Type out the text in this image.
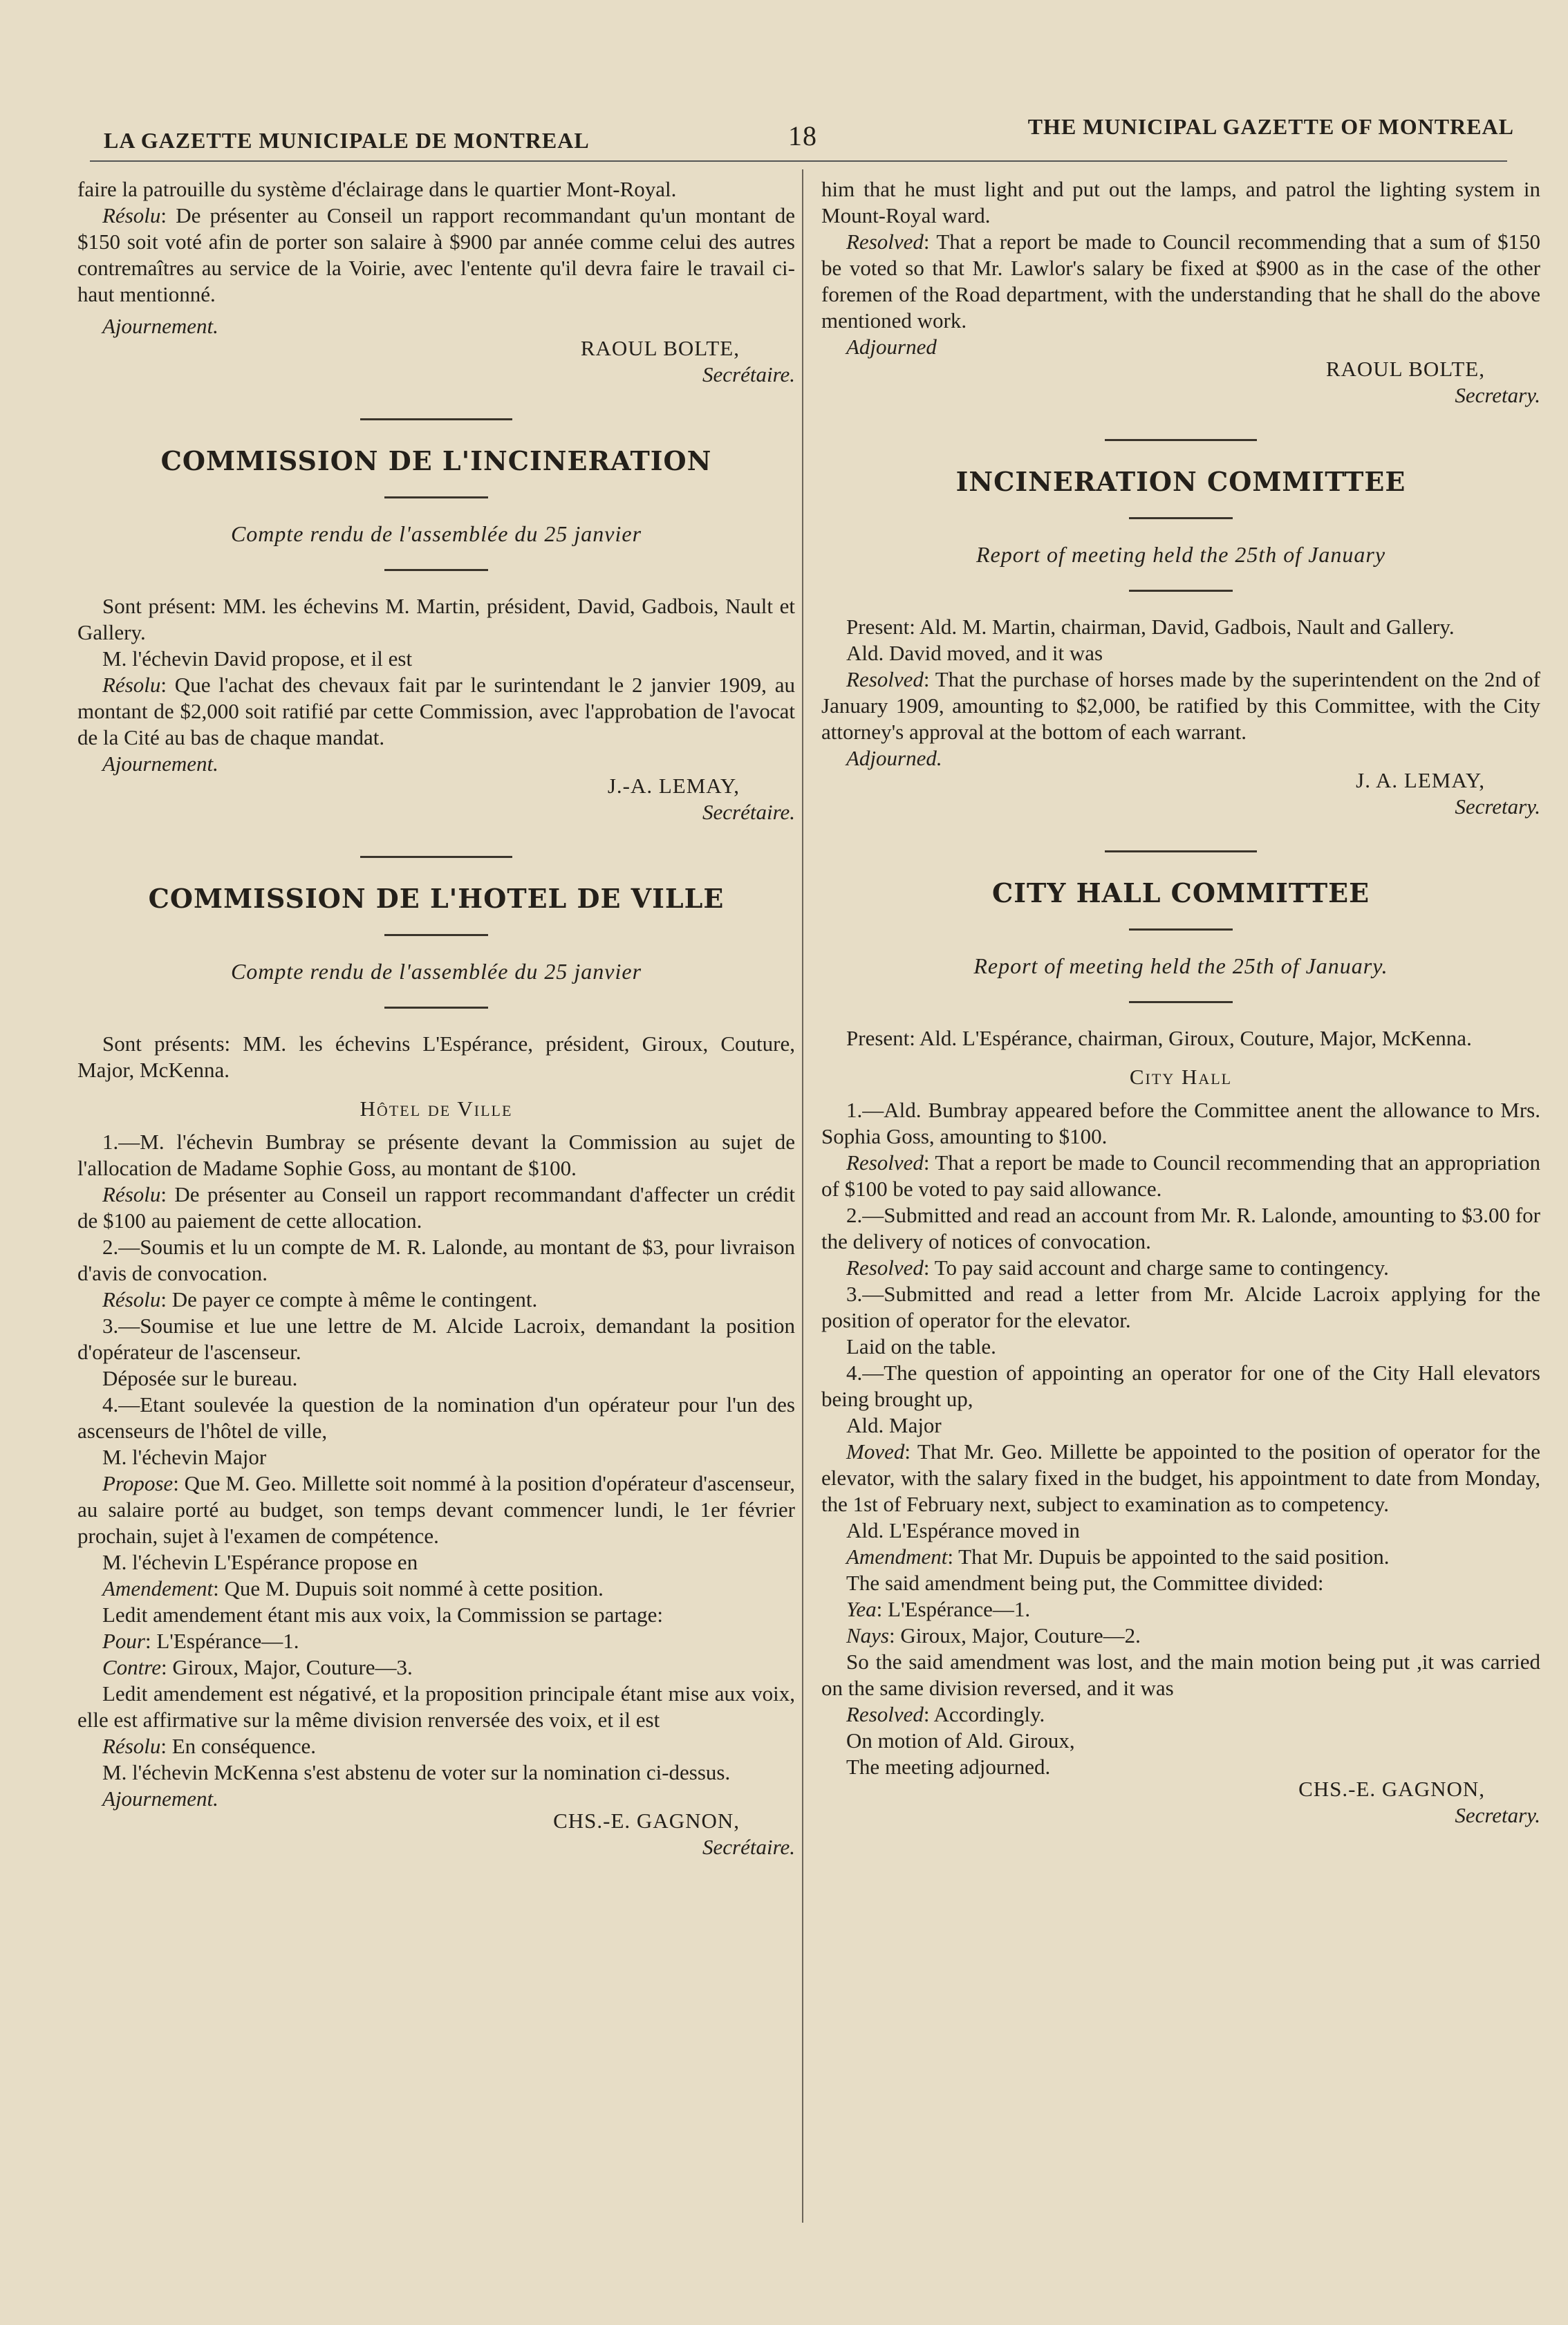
LA GAZETTE MUNICIPALE DE MONTREAL	18	THE MUNICIPAL GAZETTE OF MONTREAL

faire la patrouille du système d'éclairage dans le quartier Mont-Royal.

Résolu: De présenter au Conseil un rapport recommandant qu'un montant de $150 soit voté afin de porter son salaire à $900 par année comme celui des autres contremaîtres au service de la Voirie, avec l'entente qu'il devra faire le travail ci-haut mentionné.

Ajournement.

RAOUL BOLTE,
Secrétaire.
COMMISSION DE L'INCINERATION
Compte rendu de l'assemblée du 25 janvier

Sont présent: MM. les échevins M. Martin, président, David, Gadbois, Nault et Gallery.

M. l'échevin David propose, et il est

Résolu: Que l'achat des chevaux fait par le surintendant le 2 janvier 1909, au montant de $2,000 soit ratifié par cette Commission, avec l'approbation de l'avocat de la Cité au bas de chaque mandat.

Ajournement.

J.-A. LEMAY,
Secrétaire.
COMMISSION DE L'HOTEL DE VILLE
Compte rendu de l'assemblée du 25 janvier

Sont présents: MM. les échevins L'Espérance, président, Giroux, Couture, Major, McKenna.

Hôtel de Ville

1.—M. l'échevin Bumbray se présente devant la Commission au sujet de l'allocation de Madame Sophie Goss, au montant de $100.

Résolu: De présenter au Conseil un rapport recommandant d'affecter un crédit de $100 au paiement de cette allocation.

2.—Soumis et lu un compte de M. R. Lalonde, au montant de $3, pour livraison d'avis de convocation.

Résolu: De payer ce compte à même le contingent.

3.—Soumise et lue une lettre de M. Alcide Lacroix, demandant la position d'opérateur de l'ascenseur.

Déposée sur le bureau.

4.—Etant soulevée la question de la nomination d'un opérateur pour l'un des ascenseurs de l'hôtel de ville,

M. l'échevin Major

Propose: Que M. Geo. Millette soit nommé à la position d'opérateur d'ascenseur, au salaire porté au budget, son temps devant commencer lundi, le 1er février prochain, sujet à l'examen de compétence.

M. l'échevin L'Espérance propose en

Amendement: Que M. Dupuis soit nommé à cette position.

Ledit amendement étant mis aux voix, la Commission se partage:

Pour: L'Espérance—1.

Contre: Giroux, Major, Couture—3.

Ledit amendement est négativé, et la proposition principale étant mise aux voix, elle est affirmative sur la même division renversée des voix, et il est

Résolu: En conséquence.

M. l'échevin McKenna s'est abstenu de voter sur la nomination ci-dessus.

Ajournement.

CHS.-E. GAGNON,
Secrétaire.

him that he must light and put out the lamps, and patrol the lighting system in Mount-Royal ward.

Resolved: That a report be made to Council recommending that a sum of $150 be voted so that Mr. Lawlor's salary be fixed at $900 as in the case of the other foremen of the Road department, with the understanding that he shall do the above mentioned work.

Adjourned

RAOUL BOLTE,
Secretary.
INCINERATION COMMITTEE
Report of meeting held the 25th of January

Present: Ald. M. Martin, chairman, David, Gadbois, Nault and Gallery.

Ald. David moved, and it was

Resolved: That the purchase of horses made by the superintendent on the 2nd of January 1909, amounting to $2,000, be ratified by this Committee, with the City attorney's approval at the bottom of each warrant.

Adjourned.

J. A. LEMAY,
Secretary.
CITY HALL COMMITTEE
Report of meeting held the 25th of January.

Present: Ald. L'Espérance, chairman, Giroux, Couture, Major, McKenna.

City Hall

1.—Ald. Bumbray appeared before the Committee anent the allowance to Mrs. Sophia Goss, amounting to $100.

Resolved: That a report be made to Council recommending that an appropriation of $100 be voted to pay said allowance.

2.—Submitted and read an account from Mr. R. Lalonde, amounting to $3.00 for the delivery of notices of convocation.

Resolved: To pay said account and charge same to contingency.

3.—Submitted and read a letter from Mr. Alcide Lacroix applying for the position of operator for the elevator.

Laid on the table.

4.—The question of appointing an operator for one of the City Hall elevators being brought up,

Ald. Major

Moved: That Mr. Geo. Millette be appointed to the position of operator for the elevator, with the salary fixed in the budget, his appointment to date from Monday, the 1st of February next, subject to examination as to competency.

Ald. L'Espérance moved in

Amendment: That Mr. Dupuis be appointed to the said position.

The said amendment being put, the Committee divided:

Yea: L'Espérance—1.

Nays: Giroux, Major, Couture—2.

So the said amendment was lost, and the main motion being put ,it was carried on the same division reversed, and it was

Resolved: Accordingly.

On motion of Ald. Giroux,

The meeting adjourned.

CHS.-E. GAGNON,
Secretary.
